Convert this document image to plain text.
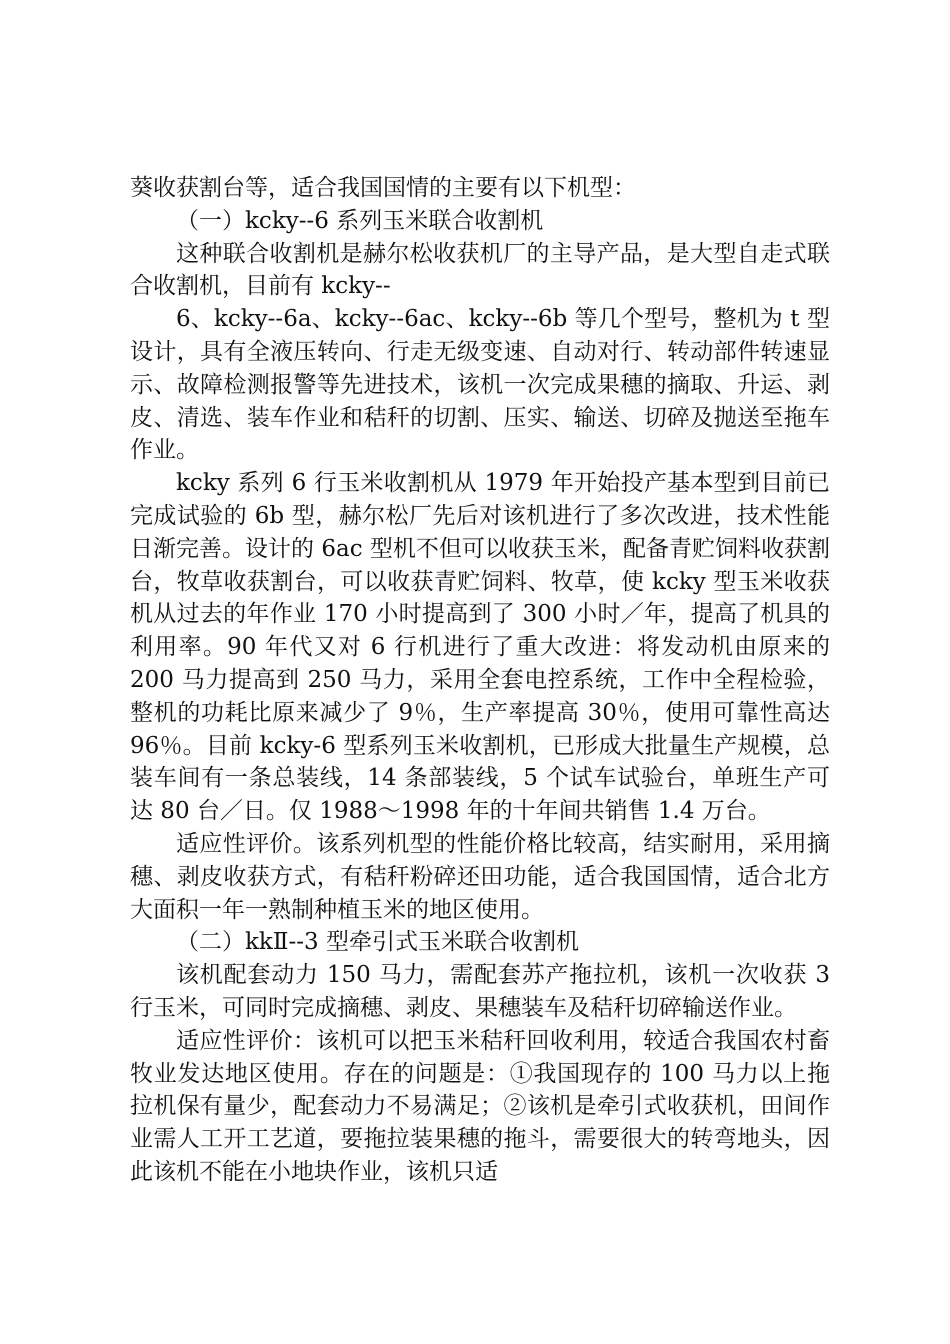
葵收获割台等，适合我国国情的主要有以下机型：

（一）kcky--6 系列玉米联合收割机

这种联合收割机是赫尔松收获机厂的主导产品，是大型自走式联合收割机，目前有 kcky--

6、kcky--6a、kcky--6ac、kcky--6b 等几个型号，整机为 t 型设计，具有全液压转向、行走无级变速、自动对行、转动部件转速显示、故障检测报警等先进技术，该机一次完成果穗的摘取、升运、剥皮、清选、装车作业和秸秆的切割、压实、输送、切碎及抛送至拖车作业。

kcky 系列 6 行玉米收割机从 1979 年开始投产基本型到目前已完成试验的 6b 型，赫尔松厂先后对该机进行了多次改进，技术性能日渐完善。设计的 6ac 型机不但可以收获玉米，配备青贮饲料收获割台，牧草收获割台，可以收获青贮饲料、牧草，使 kcky 型玉米收获机从过去的年作业 170 小时提高到了 300 小时／年，提高了机具的利用率。90 年代又对 6 行机进行了重大改进：将发动机由原来的 200 马力提高到 250 马力，采用全套电控系统，工作中全程检验，整机的功耗比原来减少了 9％，生产率提高 30％，使用可靠性高达 96％。目前 kcky-6 型系列玉米收割机，已形成大批量生产规模，总装车间有一条总装线，14 条部装线，5 个试车试验台，单班生产可达 80 台／日。仅 1988～1998 年的十年间共销售 1.4 万台。

适应性评价。该系列机型的性能价格比较高，结实耐用，采用摘穗、剥皮收获方式，有秸秆粉碎还田功能，适合我国国情，适合北方大面积一年一熟制种植玉米的地区使用。

（二）kkⅡ--3 型牵引式玉米联合收割机

该机配套动力 150 马力，需配套苏产拖拉机，该机一次收获 3 行玉米，可同时完成摘穗、剥皮、果穗装车及秸秆切碎输送作业。

适应性评价：该机可以把玉米秸秆回收利用，较适合我国农村畜牧业发达地区使用。存在的问题是：①我国现存的 100 马力以上拖拉机保有量少，配套动力不易满足；②该机是牵引式收获机，田间作业需人工开工艺道，要拖拉装果穗的拖斗，需要很大的转弯地头，因此该机不能在小地块作业，该机只适
